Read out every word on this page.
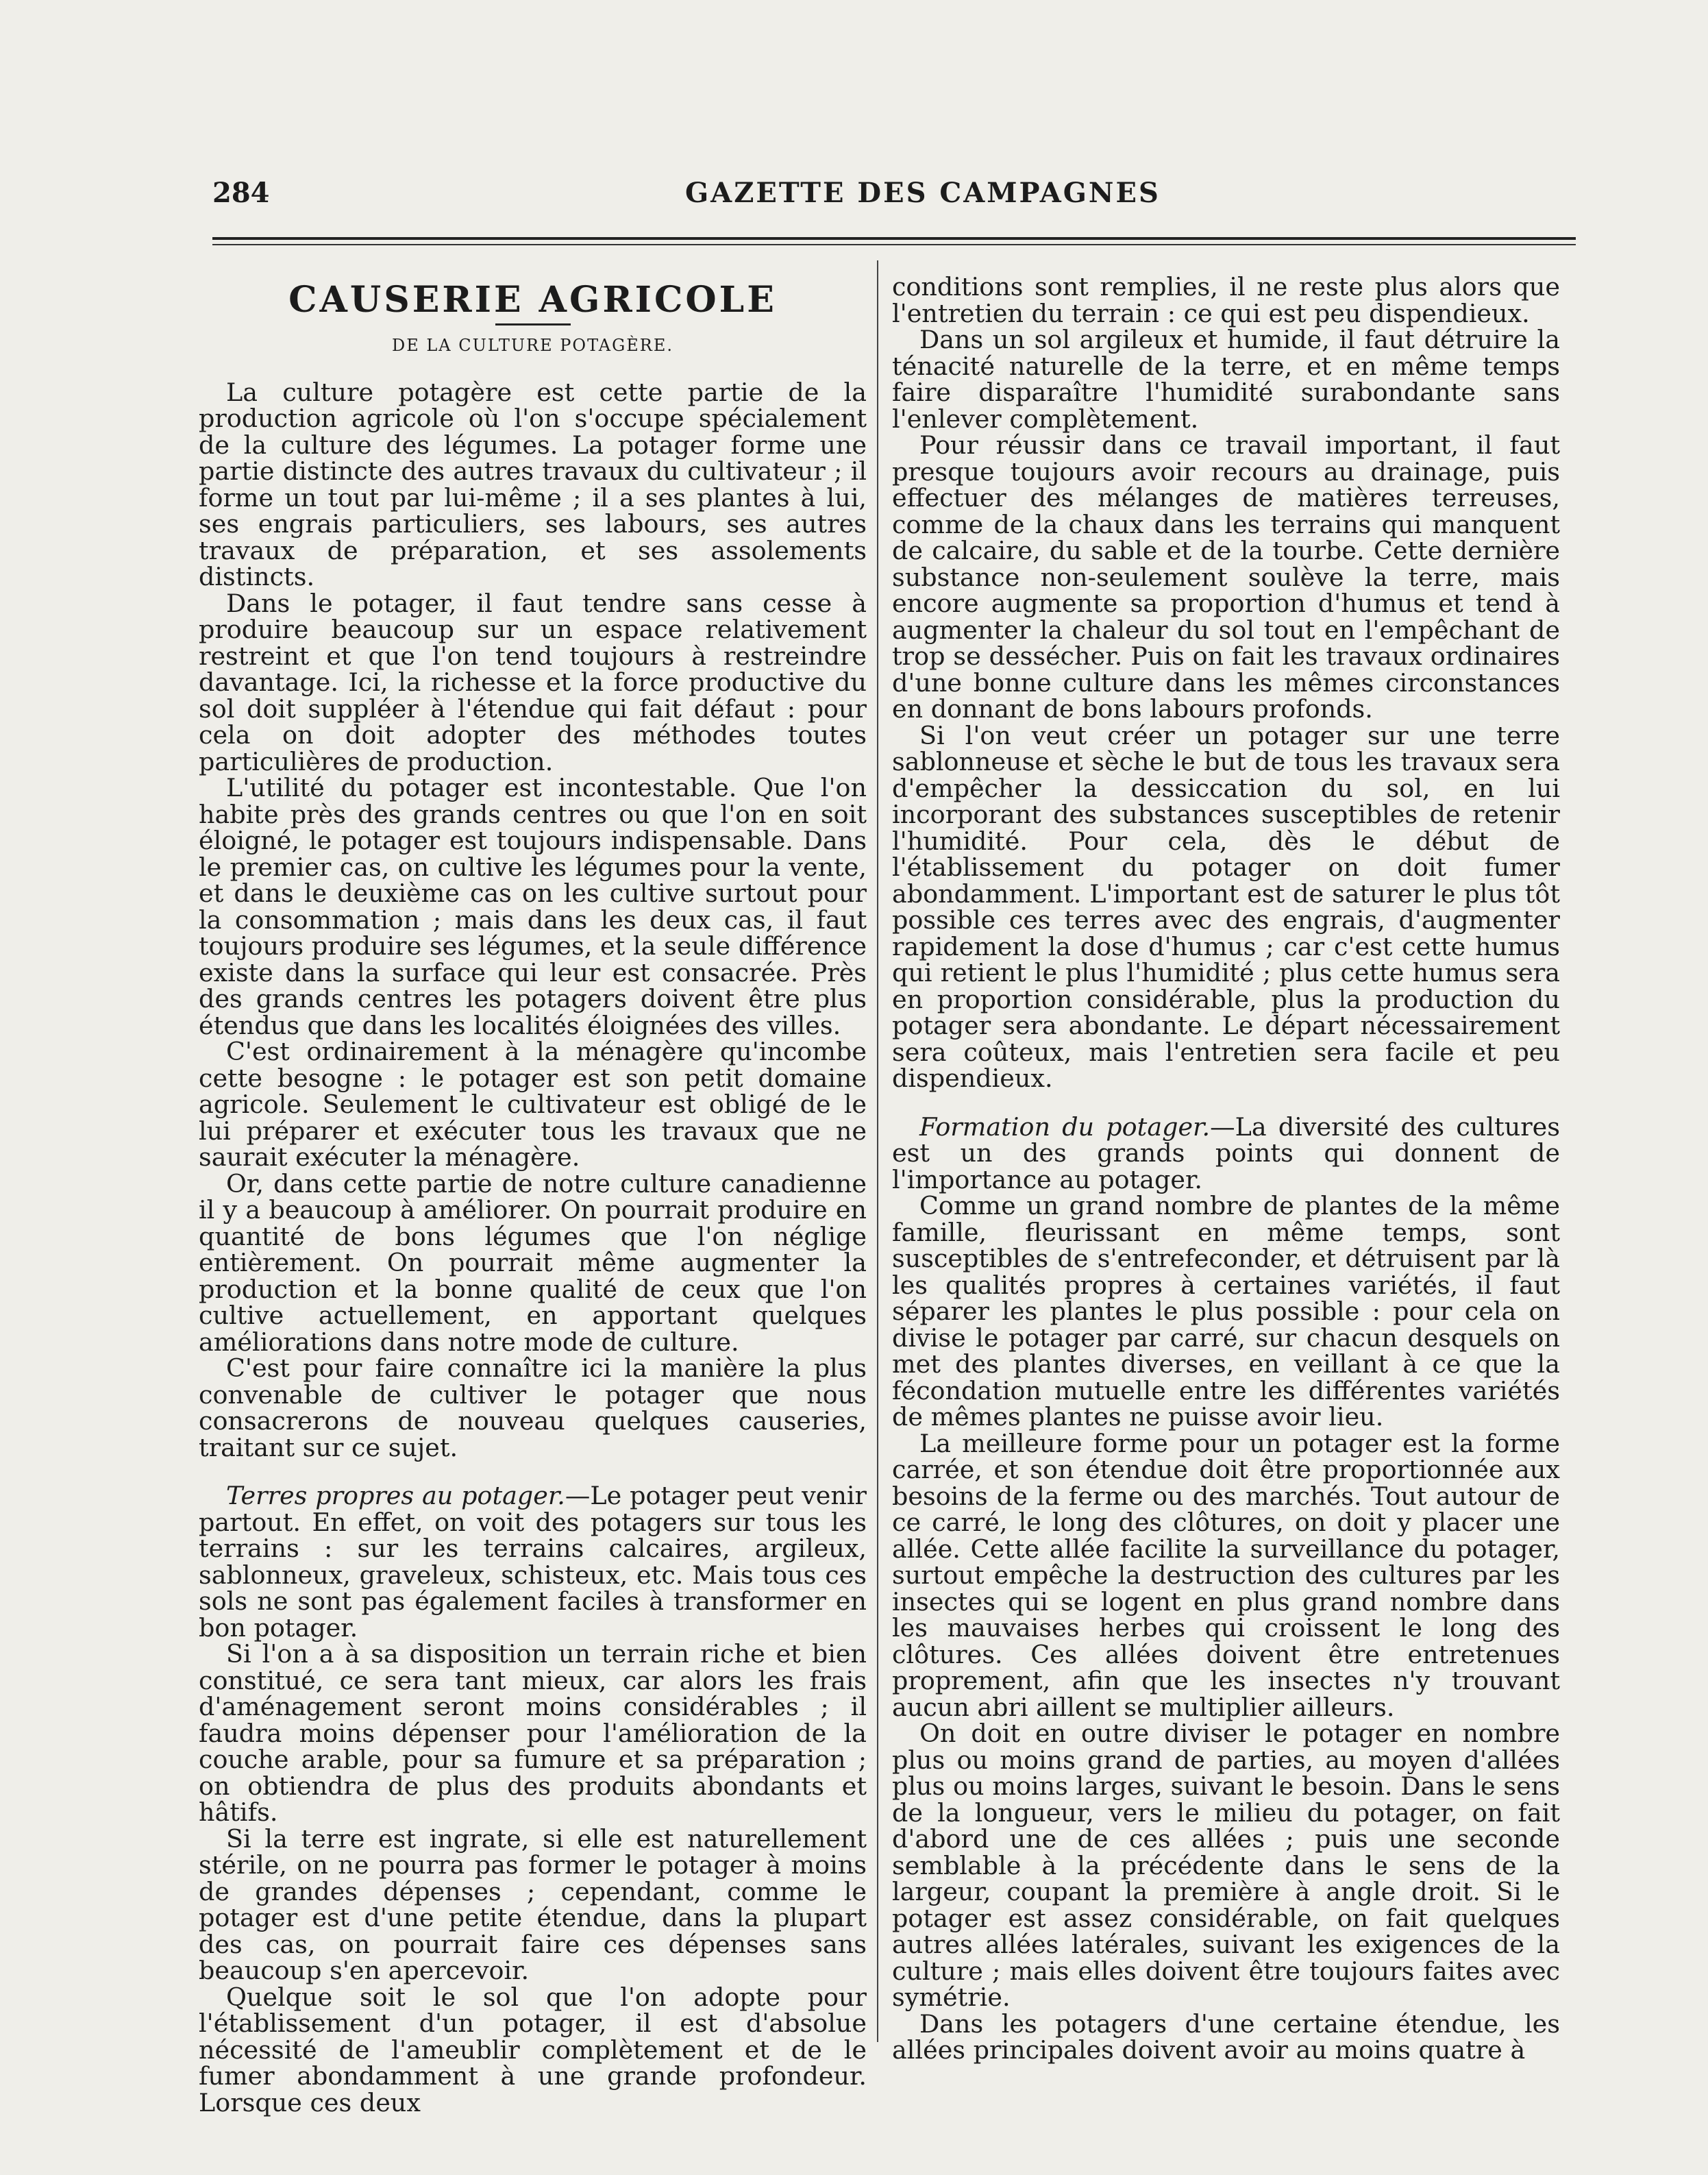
284	GAZETTE DES CAMPAGNES
CAUSERIE AGRICOLE
DE LA CULTURE POTAGÈRE.

La culture potagère est cette partie de la production agricole où l'on s'occupe spécialement de la culture des légumes. La potager forme une partie distincte des autres travaux du cultivateur ; il forme un tout par lui-même ; il a ses plantes à lui, ses engrais particuliers, ses labours, ses autres travaux de préparation, et ses assolements distincts.

Dans le potager, il faut tendre sans cesse à produire beaucoup sur un espace relativement restreint et que l'on tend toujours à restreindre davantage. Ici, la richesse et la force productive du sol doit suppléer à l'étendue qui fait défaut : pour cela on doit adopter des méthodes toutes particulières de production.

L'utilité du potager est incontestable. Que l'on habite près des grands centres ou que l'on en soit éloigné, le potager est toujours indispensable. Dans le premier cas, on cultive les légumes pour la vente, et dans le deuxième cas on les cultive surtout pour la consommation ; mais dans les deux cas, il faut toujours produire ses légumes, et la seule différence existe dans la surface qui leur est consacrée. Près des grands centres les potagers doivent être plus étendus que dans les localités éloignées des villes.

C'est ordinairement à la ménagère qu'incombe cette besogne : le potager est son petit domaine agricole. Seulement le cultivateur est obligé de le lui préparer et exécuter tous les travaux que ne saurait exécuter la ménagère.

Or, dans cette partie de notre culture canadienne il y a beaucoup à améliorer. On pourrait produire en quantité de bons légumes que l'on néglige entièrement. On pourrait même augmenter la production et la bonne qualité de ceux que l'on cultive actuellement, en apportant quelques améliorations dans notre mode de culture.

C'est pour faire connaître ici la manière la plus convenable de cultiver le potager que nous consacrerons de nouveau quelques causeries, traitant sur ce sujet.

Terres propres au potager.—Le potager peut venir partout. En effet, on voit des potagers sur tous les terrains : sur les terrains calcaires, argileux, sablonneux, graveleux, schisteux, etc. Mais tous ces sols ne sont pas également faciles à transformer en bon potager.

Si l'on a à sa disposition un terrain riche et bien constitué, ce sera tant mieux, car alors les frais d'aménagement seront moins considérables ; il faudra moins dépenser pour l'amélioration de la couche arable, pour sa fumure et sa préparation ; on obtiendra de plus des produits abondants et hâtifs.

Si la terre est ingrate, si elle est naturellement stérile, on ne pourra pas former le potager à moins de grandes dépenses ; cependant, comme le potager est d'une petite étendue, dans la plupart des cas, on pourrait faire ces dépenses sans beaucoup s'en apercevoir.

Quelque soit le sol que l'on adopte pour l'établissement d'un potager, il est d'absolue nécessité de l'ameublir complètement et de le fumer abondamment à une grande profondeur. Lorsque ces deux

conditions sont remplies, il ne reste plus alors que l'entretien du terrain : ce qui est peu dispendieux.

Dans un sol argileux et humide, il faut détruire la ténacité naturelle de la terre, et en même temps faire disparaître l'humidité surabondante sans l'enlever complètement.

Pour réussir dans ce travail important, il faut presque toujours avoir recours au drainage, puis effectuer des mélanges de matières terreuses, comme de la chaux dans les terrains qui manquent de calcaire, du sable et de la tourbe. Cette dernière substance non-seulement soulève la terre, mais encore augmente sa proportion d'humus et tend à augmenter la chaleur du sol tout en l'empêchant de trop se dessécher. Puis on fait les travaux ordinaires d'une bonne culture dans les mêmes circonstances en donnant de bons labours profonds.

Si l'on veut créer un potager sur une terre sablonneuse et sèche le but de tous les travaux sera d'empêcher la dessiccation du sol, en lui incorporant des substances susceptibles de retenir l'humidité. Pour cela, dès le début de l'établissement du potager on doit fumer abondamment. L'important est de saturer le plus tôt possible ces terres avec des engrais, d'augmenter rapidement la dose d'humus ; car c'est cette humus qui retient le plus l'humidité ; plus cette humus sera en proportion considérable, plus la production du potager sera abondante. Le départ nécessairement sera coûteux, mais l'entretien sera facile et peu dispendieux.

Formation du potager.—La diversité des cultures est un des grands points qui donnent de l'importance au potager.

Comme un grand nombre de plantes de la même famille, fleurissant en même temps, sont susceptibles de s'entrefeconder, et détruisent par là les qualités propres à certaines variétés, il faut séparer les plantes le plus possible : pour cela on divise le potager par carré, sur chacun desquels on met des plantes diverses, en veillant à ce que la fécondation mutuelle entre les différentes variétés de mêmes plantes ne puisse avoir lieu.

La meilleure forme pour un potager est la forme carrée, et son étendue doit être proportionnée aux besoins de la ferme ou des marchés. Tout autour de ce carré, le long des clôtures, on doit y placer une allée. Cette allée facilite la surveillance du potager, surtout empêche la destruction des cultures par les insectes qui se logent en plus grand nombre dans les mauvaises herbes qui croissent le long des clôtures. Ces allées doivent être entretenues proprement, afin que les insectes n'y trouvant aucun abri aillent se multiplier ailleurs.

On doit en outre diviser le potager en nombre plus ou moins grand de parties, au moyen d'allées plus ou moins larges, suivant le besoin. Dans le sens de la longueur, vers le milieu du potager, on fait d'abord une de ces allées ; puis une seconde semblable à la précédente dans le sens de la largeur, coupant la première à angle droit. Si le potager est assez considérable, on fait quelques autres allées latérales, suivant les exigences de la culture ; mais elles doivent être toujours faites avec symétrie.

Dans les potagers d'une certaine étendue, les allées principales doivent avoir au moins quatre à
